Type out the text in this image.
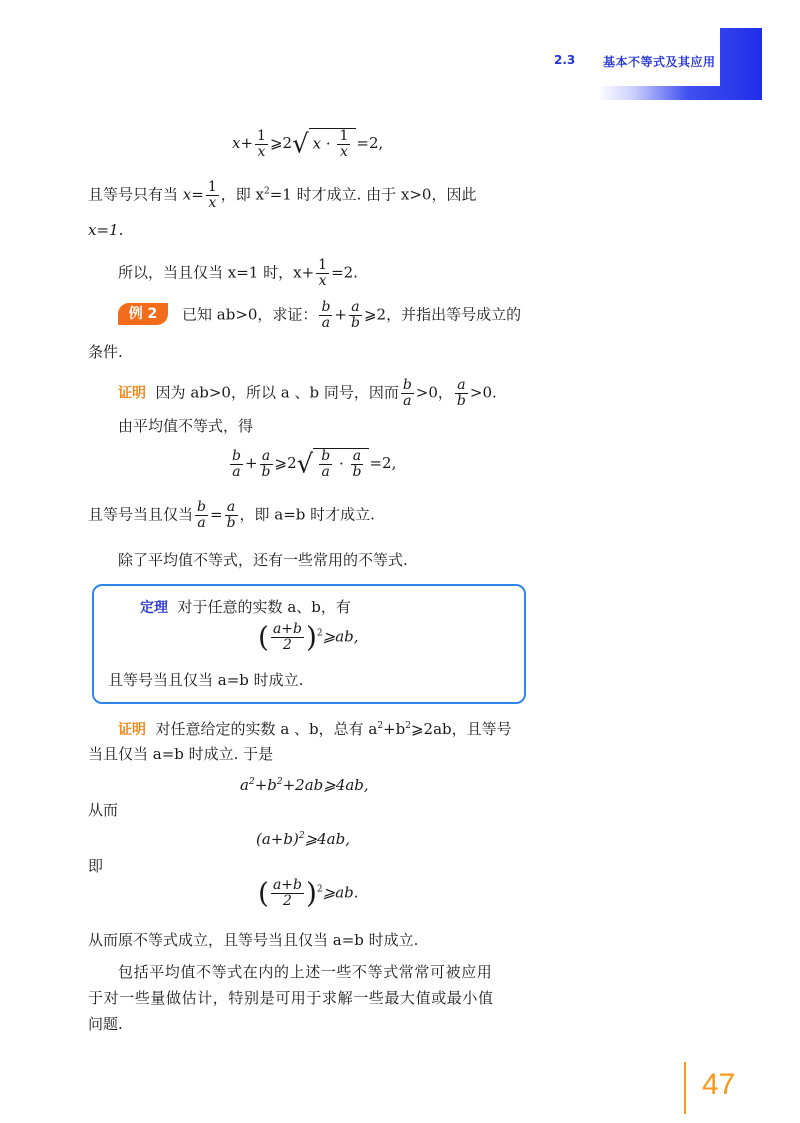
2.3 基本不等式及其应用
$x+ \frac{1}{x}$ ⩾2√ $x \cdot \frac{1}{x} =2$,
且等号只有当 $x= \frac{1}{x}$ ，即 $x^2=1$ 时才成立. 由于 x>0，因此
x=1.
所以，当且仅当 x=1 时，$x+ \frac{1}{x} =2$.
例 2	已知 ab>0，求证： $\frac{b}{a} + \frac{a}{b}$ ⩾2，并指出等号成立的
条件.
证明 因为 ab>0，所以 a 、b 同号，因而 $\frac{b}{a} >0$， $\frac{a}{b} >0$.
由平均值不等式，得
$\frac{b}{a} + \frac{a}{b}$ ⩾2√ $\frac{b}{a} \cdot \frac{a}{b} =2$,
且等号当且仅当 $\frac{b}{a} = \frac{a}{b}$ ，即 a=b 时才成立.
除了平均值不等式，还有一些常用的不等式.
定理 对于任意的实数 a、b，有
( $\frac{a+b}{2}$ )$^2$⩾ab,
且等号当且仅当 a=b 时成立.
证明 对任意给定的实数 a 、b，总有 $a^2+b^2⩾2ab$，且等号
当且仅当 a=b 时成立. 于是
$a^2+b^2+2ab⩾4ab$,
从而
$(a+b)^2⩾4ab$,
即
( $\frac{a+b}{2}$ )$^2$⩾ab.
从而原不等式成立，且等号当且仅当 a=b 时成立.
包括平均值不等式在内的上述一些不等式常常可被应用
于对一些量做估计，特别是可用于求解一些最大值或最小值
问题.
47
